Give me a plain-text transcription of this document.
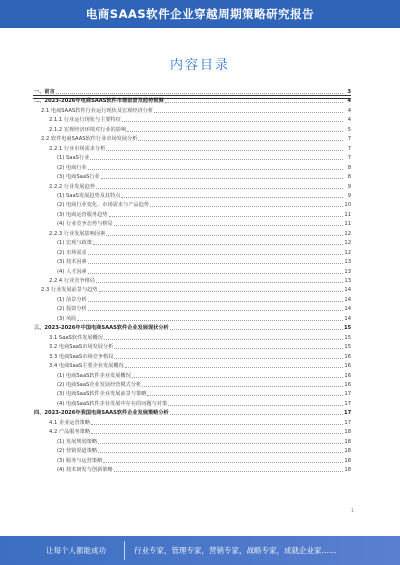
电商SAAS软件企业穿越周期策略研究报告
内容目录
一、前言	3
二、2023-2026年电商SAAS软件市场前景及趋势预测	4
2.1 电商SAAS软件行业运行现状及宏观经济分析	4
2.1.1 行业运行现状与主要特征	4
2.1.2 宏观经济环境对行业的影响	5
2.2 软件电商SAAS软件行业市场发展分析	7
2.2.1 行业市场需求分析	7
(1) SaaS行业	7
(2) 电商行业	8
(3) 电商SaaS行业	8
2.2.2 行业发展趋势	9
(1) SaaS发展趋势及其特点	9
(2) 电商行业变化、市场需求与产品趋势	10
(3) 电商运营服务趋势	11
(4) 行业竞争态势与格局	11
2.2.3 行业发展影响因素	12
(1) 宏观与政策	12
(2) 市场需求	12
(3) 技术因素	13
(4) 人才因素	13
2.2.4 行业竞争格局	13
2.3 行业发展前景与趋势	14
(1) 前景分析	14
(2) 投资分析	14
(3) 风险	14
三、2023-2026年中国电商SAAS软件企业发展现状分析	15
3.1 SaaS软件发展概况	15
3.2 电商SaaS市场发展分析	15
3.3 电商SaaS市场竞争格局	16
3.4 电商SaaS主要企业发展概况	16
(1) 电商SaaS软件企业发展概况	16
(2) 电商SaaS企业发展经营模式分析	16
(3) 电商SaaS软件企业发展前景与策略	17
(4) 电商SaaS软件企业发展中存在的问题与对策	17
四、2023-2026年我国电商SAAS软件企业发展策略分析	17
4.1 企业运营策略	17
4.2 产品服务策略	18
(1) 发展规划策略	18
(2) 营销渠道策略	18
(3) 服务与运营策略	18
(4) 技术研发与创新策略	18
1
让每个人都能成功	行业专家，管理专家，营销专家，战略专家，成就企业家……
